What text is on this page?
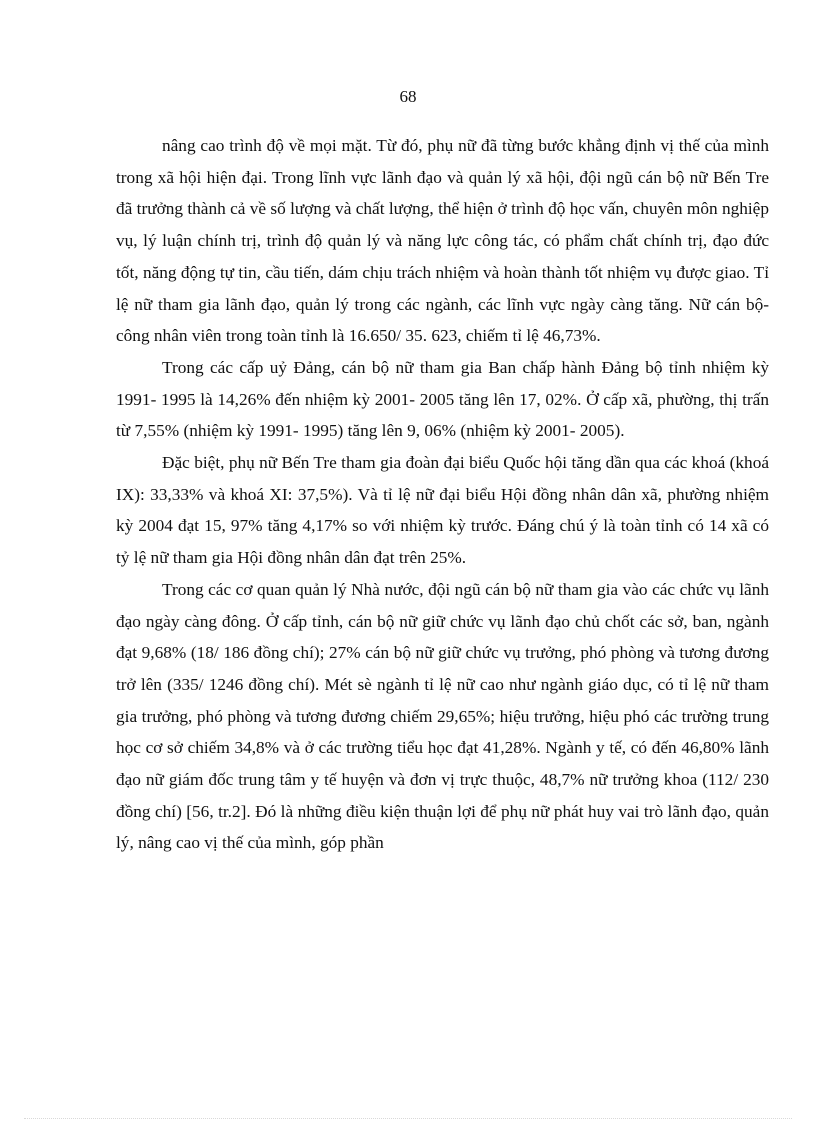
68

nâng cao trình độ về mọi mặt. Từ đó, phụ nữ đã từng bước khẳng định vị thế của mình trong xã hội hiện đại. Trong lĩnh vực lãnh đạo và quản lý xã hội, đội ngũ cán bộ nữ Bến Tre đã trưởng thành cả về số lượng và chất lượng, thể hiện ở trình độ học vấn, chuyên môn nghiệp vụ, lý luận chính trị, trình độ quản lý và năng lực công tác, có phẩm chất chính trị, đạo đức tốt, năng động tự tin, cầu tiến, dám chịu trách nhiệm và hoàn thành tốt nhiệm vụ được giao. Tỉ lệ nữ tham gia lãnh đạo, quản lý trong các ngành, các lĩnh vực ngày càng tăng. Nữ cán bộ- công nhân viên trong toàn tỉnh là 16.650/ 35. 623, chiếm tỉ lệ 46,73%.

Trong các cấp uỷ Đảng, cán bộ nữ tham gia Ban chấp hành Đảng bộ tỉnh nhiệm kỳ 1991- 1995 là 14,26% đến nhiệm kỳ 2001- 2005 tăng lên 17, 02%. Ở cấp xã, phường, thị trấn từ 7,55% (nhiệm kỳ 1991- 1995) tăng lên 9, 06% (nhiệm kỳ 2001- 2005).

Đặc biệt, phụ nữ Bến Tre tham gia đoàn đại biểu Quốc hội tăng dần qua các khoá (khoá IX): 33,33% và khoá XI: 37,5%). Và tỉ lệ nữ đại biểu Hội đồng nhân dân xã, phường nhiệm kỳ 2004 đạt 15, 97% tăng 4,17% so với nhiệm kỳ trước. Đáng chú ý là toàn tỉnh có 14 xã có tỷ lệ nữ tham gia Hội đồng nhân dân đạt trên 25%.

Trong các cơ quan quản lý Nhà nước, đội ngũ cán bộ nữ tham gia vào các chức vụ lãnh đạo ngày càng đông. Ở cấp tỉnh, cán bộ nữ giữ chức vụ lãnh đạo chủ chốt các sở, ban, ngành đạt 9,68% (18/ 186 đồng chí); 27% cán bộ nữ giữ chức vụ trưởng, phó phòng và tương đương trở lên (335/ 1246 đồng chí). Mét sè ngành tỉ lệ nữ cao như ngành giáo dục, có tỉ lệ nữ tham gia trưởng, phó phòng và tương đương chiếm 29,65%; hiệu trưởng, hiệu phó các trường trung học cơ sở chiếm 34,8% và ở các trường tiểu học đạt 41,28%. Ngành y tế, có đến 46,80% lãnh đạo nữ giám đốc trung tâm y tế huyện và đơn vị trực thuộc, 48,7% nữ trưởng khoa (112/ 230 đồng chí) [56, tr.2]. Đó là những điều kiện thuận lợi để phụ nữ phát huy vai trò lãnh đạo, quản lý, nâng cao vị thế của mình, góp phần
